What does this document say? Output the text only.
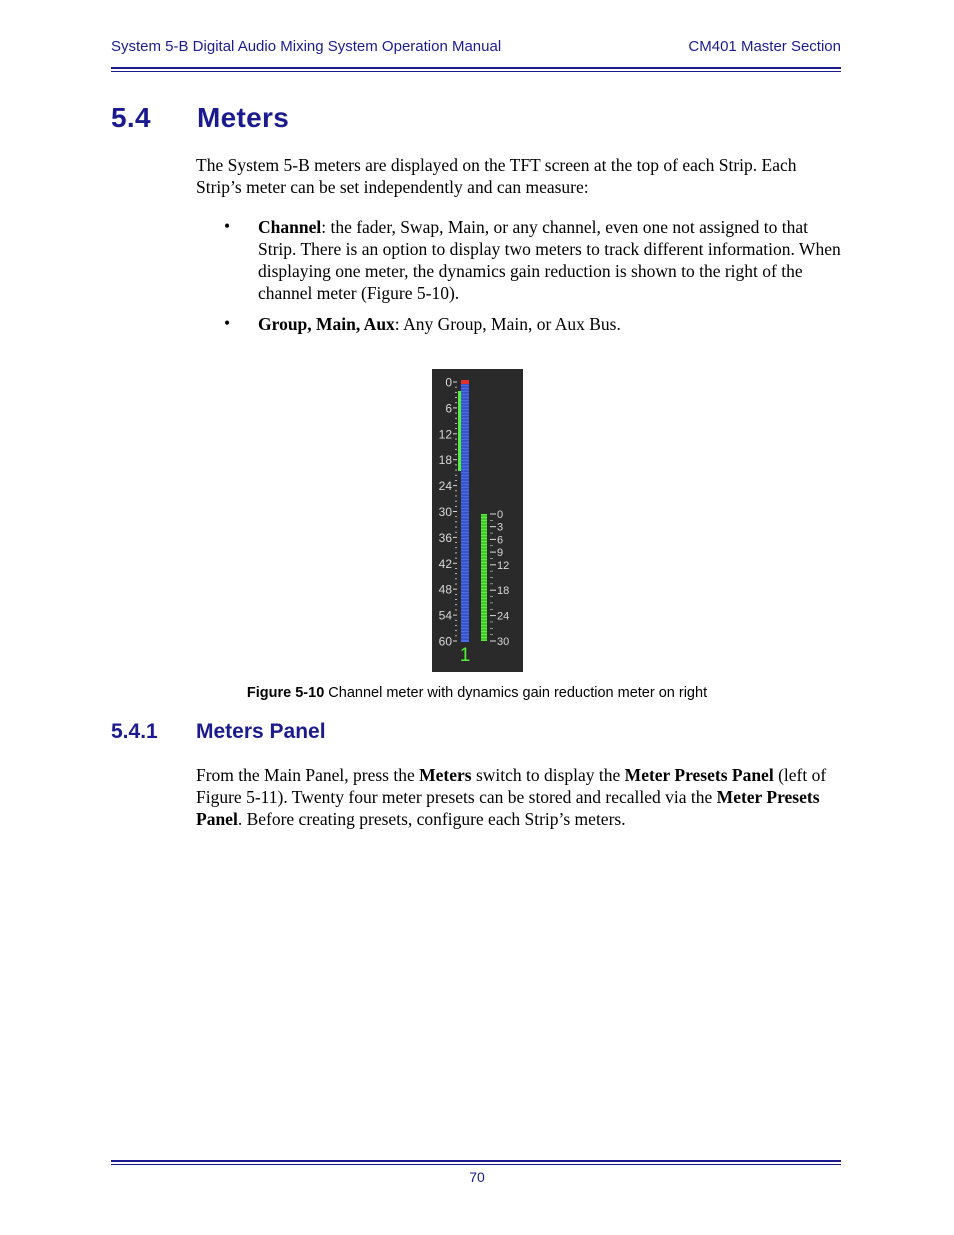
System 5-B Digital Audio Mixing System Operation Manual	CM401 Master Section
5.4 Meters

The System 5-B meters are displayed on the TFT screen at the top of each Strip. Each Strip’s meter can be set independently and can measure:

• Channel: the fader, Swap, Main, or any channel, even one not assigned to that Strip. There is an option to display two meters to track different information. When displaying one meter, the dynamics gain reduction is shown to the right of the channel meter (Figure 5-10).

• Group, Main, Aux: Any Group, Main, or Aux Bus.

0
6
12
18
24
30
36
42
48
54
60
0
3
6
9
12
18
24
30
1
Figure 5-10 Channel meter with dynamics gain reduction meter on right
5.4.1 Meters Panel

From the Main Panel, press the Meters switch to display the Meter Presets Panel (left of Figure 5-11). Twenty four meter presets can be stored and recalled via the Meter Presets Panel. Before creating presets, configure each Strip’s meters.

70
